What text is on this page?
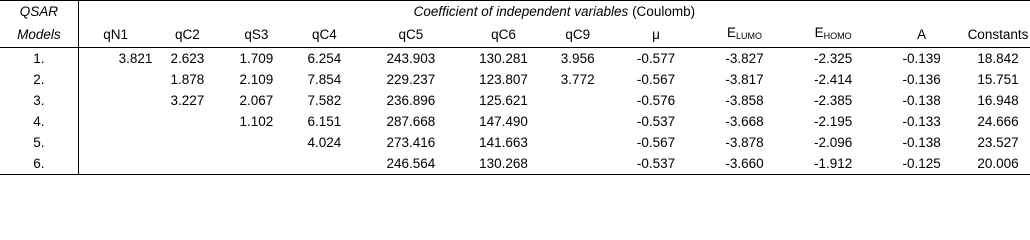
QSAR	Coefficient of independent variables (Coulomb)											
Models	qN1	qC2	qS3	qC4	qC5	qC6	qC9	μ	$E_{LUMO}$	$E_{HOMO}$	A	Constants
1.	3.821	2.623	1.709	6.254	243.903	130.281	3.956	-0.577	-3.827	-2.325	-0.139	18.842
2.		1.878	2.109	7.854	229.237	123.807	3.772	-0.567	-3.817	-2.414	-0.136	15.751
3.		3.227	2.067	7.582	236.896	125.621		-0.576	-3.858	-2.385	-0.138	16.948
4.			1.102	6.151	287.668	147.490		-0.537	-3.668	-2.195	-0.133	24.666
5.				4.024	273.416	141.663		-0.567	-3.878	-2.096	-0.138	23.527
6.					246.564	130.268		-0.537	-3.660	-1.912	-0.125	20.006
